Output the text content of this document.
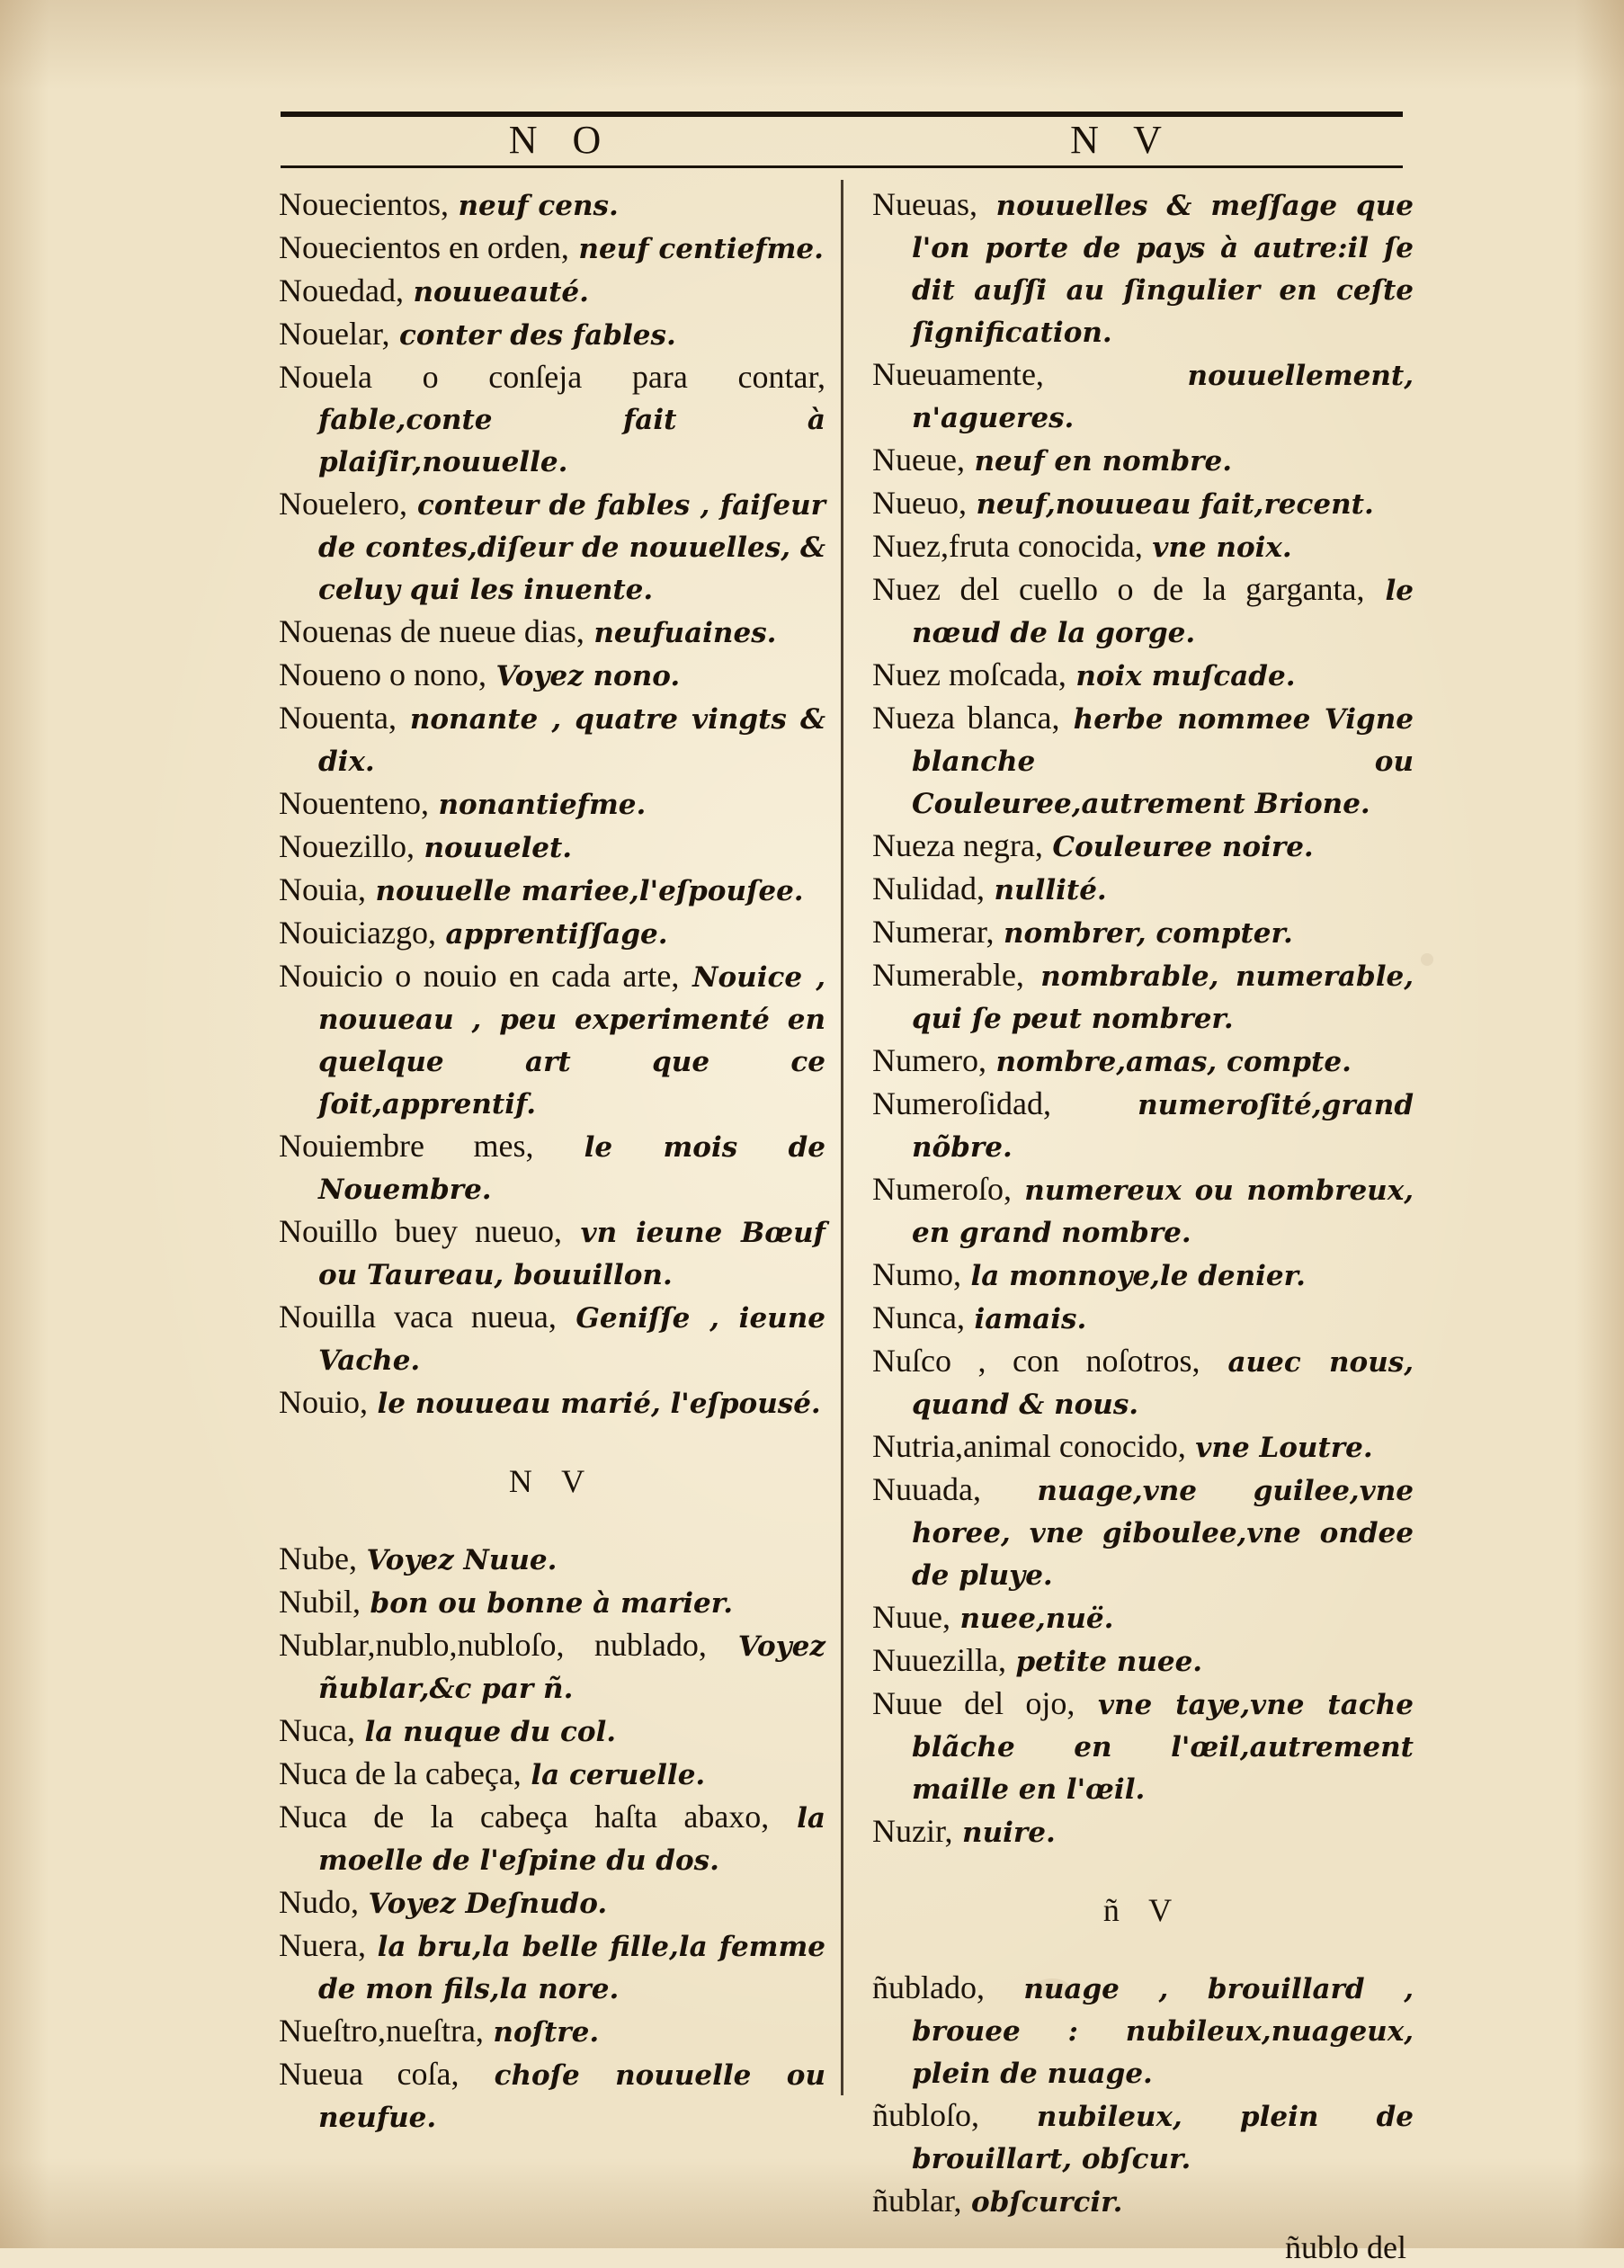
N O	N V

Nouecientos, neuf cens.

Nouecientos en orden, neuf centiefme.

Nouedad, nouueauté.

Nouelar, conter des fables.

Nouela o conſeja para contar, fable,conte fait à plaiſir,nouuelle.

Nouelero, conteur de fables , faiſeur de contes,diſeur de nouuelles, & celuy qui les inuente.

Nouenas de nueue dias, neufuaines.

Noueno o nono, Voyez nono.

Nouenta, nonante , quatre vingts & dix.

Nouenteno, nonantiefme.

Nouezillo, nouuelet.

Nouia, nouuelle mariee,l'eſpouſee.

Nouiciazgo, apprentiſſage.

Nouicio o nouio en cada arte, Nouice , nouueau , peu experimenté en quelque art que ce ſoit,apprentif.

Nouiembre mes, le mois de Nouembre.

Nouillo buey nueuo, vn ieune Bœuf ou Taureau, bouuillon.

Nouilla vaca nueua, Geniſſe , ieune Vache.

Nouio, le nouueau marié, l'eſpousé.

N V

Nube, Voyez Nuue.

Nubil, bon ou bonne à marier.

Nublar,nublo,nubloſo, nublado, Voyez ñublar,&c par ñ.

Nuca, la nuque du col.

Nuca de la cabeça, la ceruelle.

Nuca de la cabeça haſta abaxo, la moelle de l'eſpine du dos.

Nudo, Voyez Deſnudo.

Nuera, la bru,la belle fille,la femme de mon fils,la nore.

Nueſtro,nueſtra, noſtre.

Nueua coſa, choſe nouuelle ou neufue.

Nueuas, nouuelles & meſſage que l'on porte de pays à autre:il ſe dit auſſi au ſingulier en ceſte ſignification.

Nueuamente,	nouuellement, n'agueres.

Nueue, neuf en nombre.

Nueuo, neuf,nouueau fait,recent.

Nuez,fruta conocida, vne noix.

Nuez del cuello o de la garganta, le nœud de la gorge.

Nuez moſcada, noix muſcade.

Nueza blanca, herbe nommee Vigne blanche ou Couleuree,autrement Brione.

Nueza negra, Couleuree noire.

Nulidad, nullité.

Numerar, nombrer, compter.

Numerable, nombrable, numerable, qui ſe peut nombrer.

Numero, nombre,amas, compte.

Numeroſidad,	numeroſité,grand nõbre.

Numeroſo, numereux ou nombreux, en grand nombre.

Numo, la monnoye,le denier.

Nunca, iamais.

Nuſco , con noſotros, auec nous, quand & nous.

Nutria,animal conocido, vne Loutre.

Nuuada, nuage,vne guilee,vne horee, vne giboulee,vne ondee de pluye.

Nuue, nuee,nuë.

Nuuezilla, petite nuee.

Nuue del ojo, vne taye,vne tache blãche en l'œil,autrement maille en l'œil.

Nuzir, nuire.

ñ V

ñublado, nuage , brouillard , brouee : nubileux,nuageux, plein de nuage.

ñubloſo, nubileux, plein de brouillart, obſcur.

ñublar, obſcurcir.

ñublo del
